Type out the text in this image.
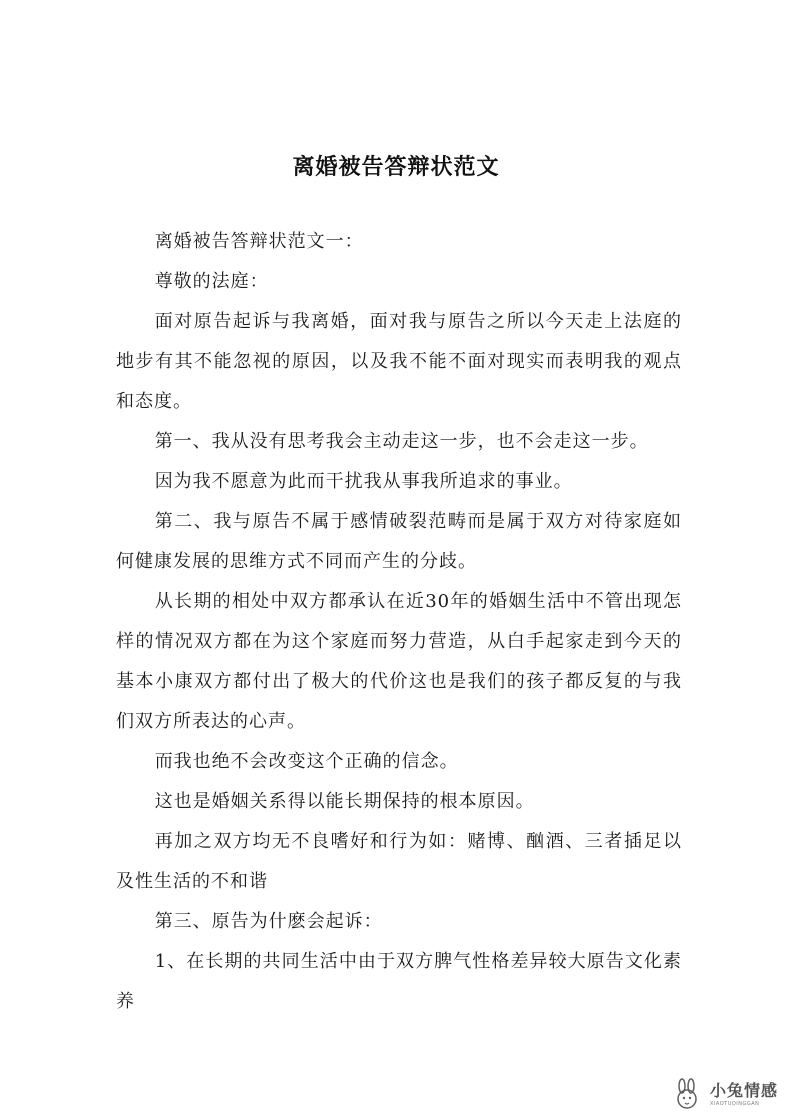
离婚被告答辩状范文

离婚被告答辩状范文一：

尊敬的法庭：

面对原告起诉与我离婚，面对我与原告之所以今天走上法庭的地步有其不能忽视的原因，以及我不能不面对现实而表明我的观点和态度。

第一、我从没有思考我会主动走这一步，也不会走这一步。

因为我不愿意为此而干扰我从事我所追求的事业。

第二、我与原告不属于感情破裂范畴而是属于双方对待家庭如何健康发展的思维方式不同而产生的分歧。

从长期的相处中双方都承认在近30年的婚姻生活中不管出现怎样的情况双方都在为这个家庭而努力营造，从白手起家走到今天的基本小康双方都付出了极大的代价这也是我们的孩子都反复的与我们双方所表达的心声。

而我也绝不会改变这个正确的信念。

这也是婚姻关系得以能长期保持的根本原因。

再加之双方均无不良嗜好和行为如：赌博、酗酒、三者插足以及性生活的不和谐

第三、原告为什麽会起诉：

1、在长期的共同生活中由于双方脾气性格差异较大原告文化素养

小兔情感
XIAOTUQINGGAN
